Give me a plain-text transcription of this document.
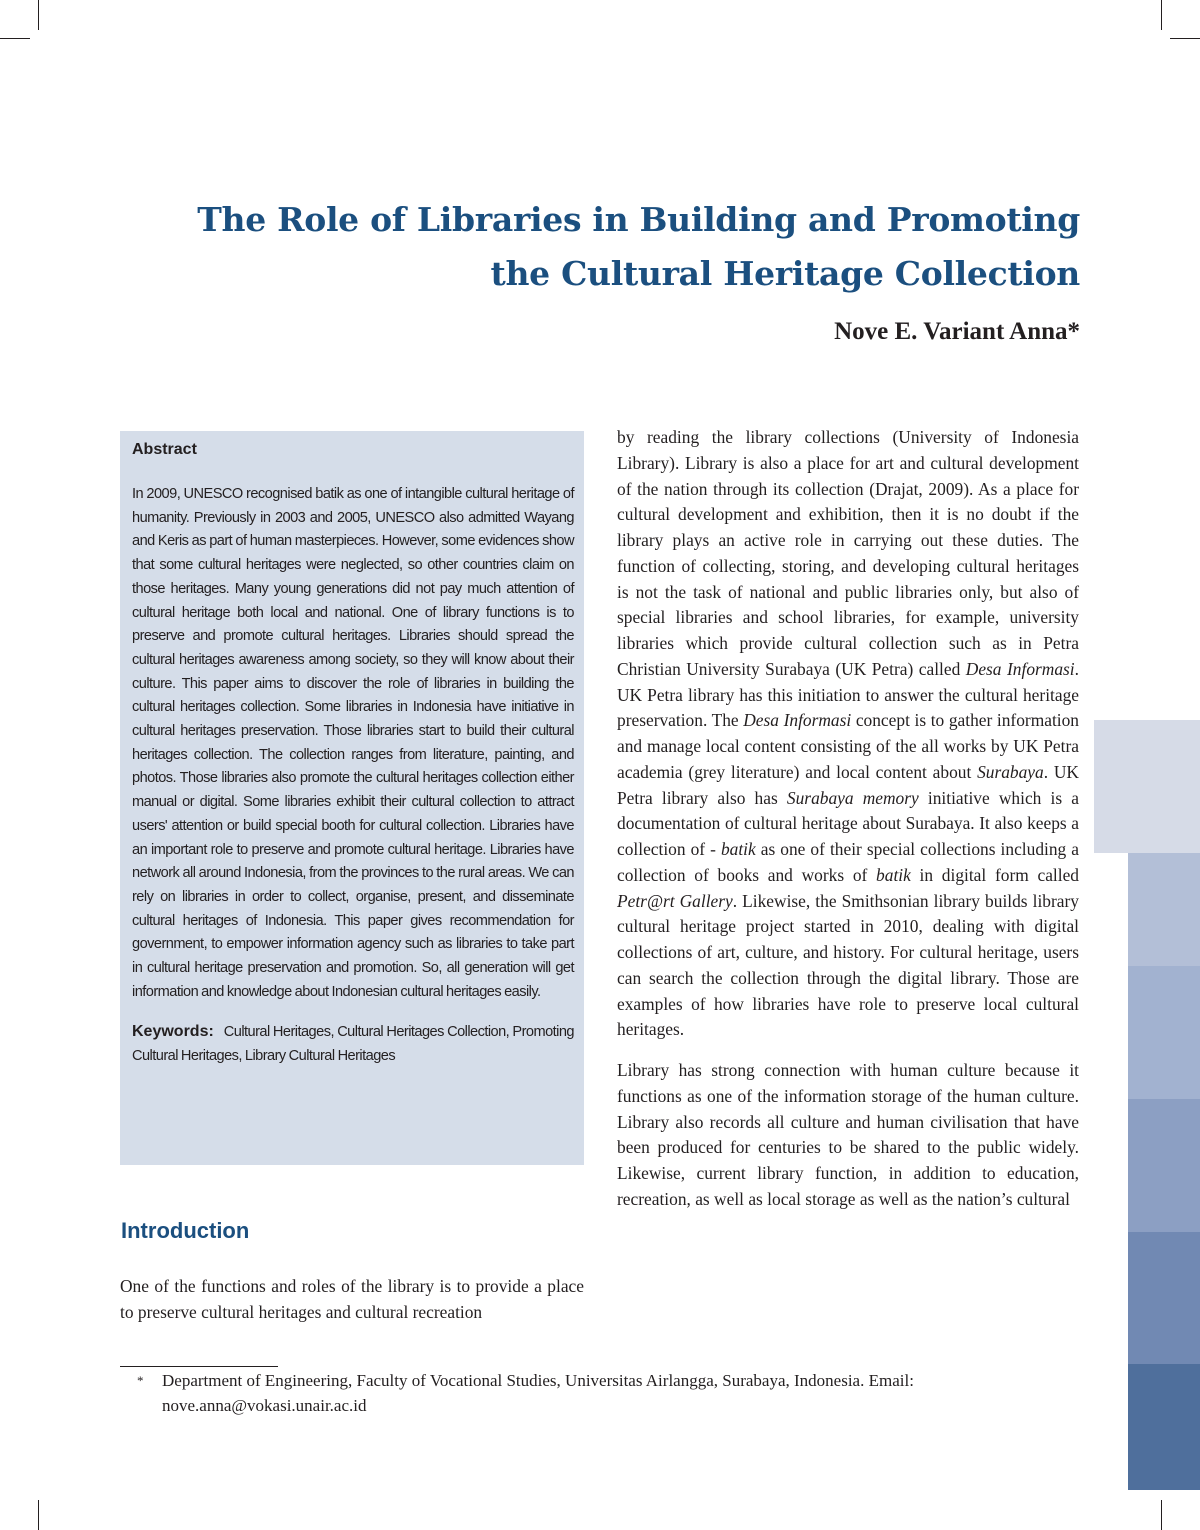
The Role of Libraries in Building and Promoting the Cultural Heritage Collection
Nove E. Variant Anna*
Abstract

In 2009, UNESCO recognised batik as one of intangible cultural heritage of humanity. Previously in 2003 and 2005, UNESCO also admitted Wayang and Keris as part of human masterpieces. However, some evidences show that some cultural heritages were neglected, so other countries claim on those heritages. Many young generations did not pay much attention of cultural heritage both local and national. One of library functions is to preserve and promote cultural heritages. Libraries should spread the cultural heritages awareness among society, so they will know about their culture. This paper aims to discover the role of libraries in building the cultural heritages collection. Some libraries in Indonesia have initiative in cultural heritages preservation. Those libraries start to build their cultural heritages collection. The collection ranges from literature, painting, and photos. Those libraries also promote the cultural heritages collection either manual or digital. Some libraries exhibit their cultural collection to attract users' attention or build special booth for cultural collection. Libraries have an important role to preserve and promote cultural heritage. Libraries have network all around Indonesia, from the provinces to the rural areas. We can rely on libraries in order to collect, organise, present, and disseminate cultural heritages of Indonesia. This paper gives recommendation for government, to empower information agency such as libraries to take part in cultural heritage preservation and promotion. So, all generation will get information and knowledge about Indonesian cultural heritages easily.

Keywords: Cultural Heritages, Cultural Heritages Collection, Promoting Cultural Heritages, Library Cultural Heritages

Introduction

One of the functions and roles of the library is to provide a place to preserve cultural heritages and cultural recreation

by reading the library collections (University of Indonesia Library). Library is also a place for art and cultural development of the nation through its collection (Drajat, 2009). As a place for cultural development and exhibition, then it is no doubt if the library plays an active role in carrying out these duties. The function of collecting, storing, and developing cultural heritages is not the task of national and public libraries only, but also of special libraries and school libraries, for example, university libraries which provide cultural collection such as in Petra Christian University Surabaya (UK Petra) called Desa Informasi. UK Petra library has this initiation to answer the cultural heritage preservation. The Desa Informasi concept is to gather information and manage local content consisting of the all works by UK Petra academia (grey literature) and local content about Surabaya. UK Petra library also has Surabaya memory initiative which is a documentation of cultural heritage about Surabaya. It also keeps a collection of - batik as one of their special collections including a collection of books and works of batik in digital form called Petr@rt Gallery. Likewise, the Smithsonian library builds library cultural heritage project started in 2010, dealing with digital collections of art, culture, and history. For cultural heritage, users can search the collection through the digital library. Those are examples of how libraries have role to preserve local cultural heritages.

Library has strong connection with human culture because it functions as one of the information storage of the human culture. Library also records all culture and human civilisation that have been produced for centuries to be shared to the public widely. Likewise, current library function, in addition to education, recreation, as well as local storage as well as the nation’s cultural

* Department of Engineering, Faculty of Vocational Studies, Universitas Airlangga, Surabaya, Indonesia. Email: nove.anna@vokasi.unair.ac.id
